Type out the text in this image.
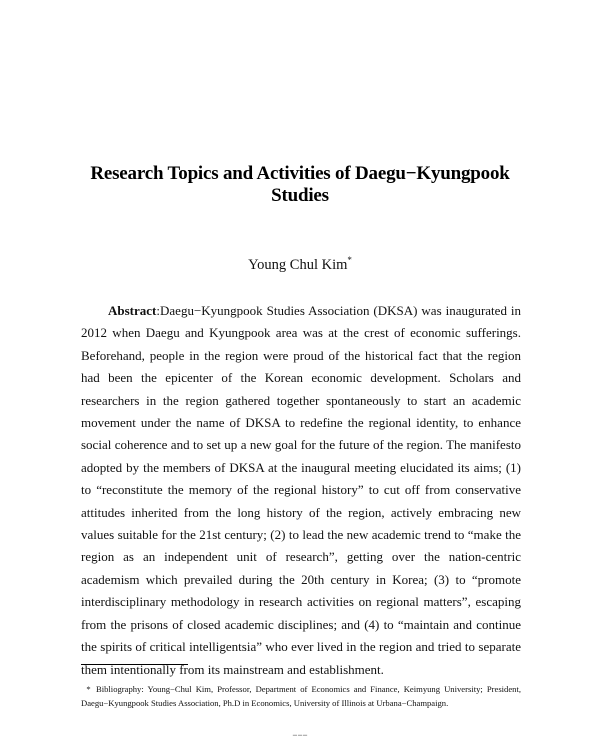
Research Topics and Activities of Daegu−Kyungpook Studies
Young Chul Kim*

Abstract:Daegu−Kyungpook Studies Association (DKSA) was inaugurated in 2012 when Daegu and Kyungpook area was at the crest of economic sufferings. Beforehand, people in the region were proud of the historical fact that the region had been the epicenter of the Korean economic development. Scholars and researchers in the region gathered together spontaneously to start an academic movement under the name of DKSA to redefine the regional identity, to enhance social coherence and to set up a new goal for the future of the region. The manifesto adopted by the members of DKSA at the inaugural meeting elucidated its aims; (1) to “reconstitute the memory of the regional history” to cut off from conservative attitudes inherited from the long history of the region, actively embracing new values suitable for the 21st century; (2) to lead the new academic trend to “make the region as an independent unit of research”, getting over the nation-centric academism which prevailed during the 20th century in Korea; (3) to “promote interdisciplinary methodology in research activities on regional matters”, escaping from the prisons of closed academic disciplines; and (4) to “maintain and continue the spirits of critical intelligentsia” who ever lived in the region and tried to separate them intentionally from its mainstream and establishment.

* Bibliography: Young−Chul Kim, Professor, Department of Economics and Finance, Keimyung University; President, Daegu−Kyungpook Studies Association, Ph.D in Economics, University of Illinois at Urbana−Champaign.

−−−
